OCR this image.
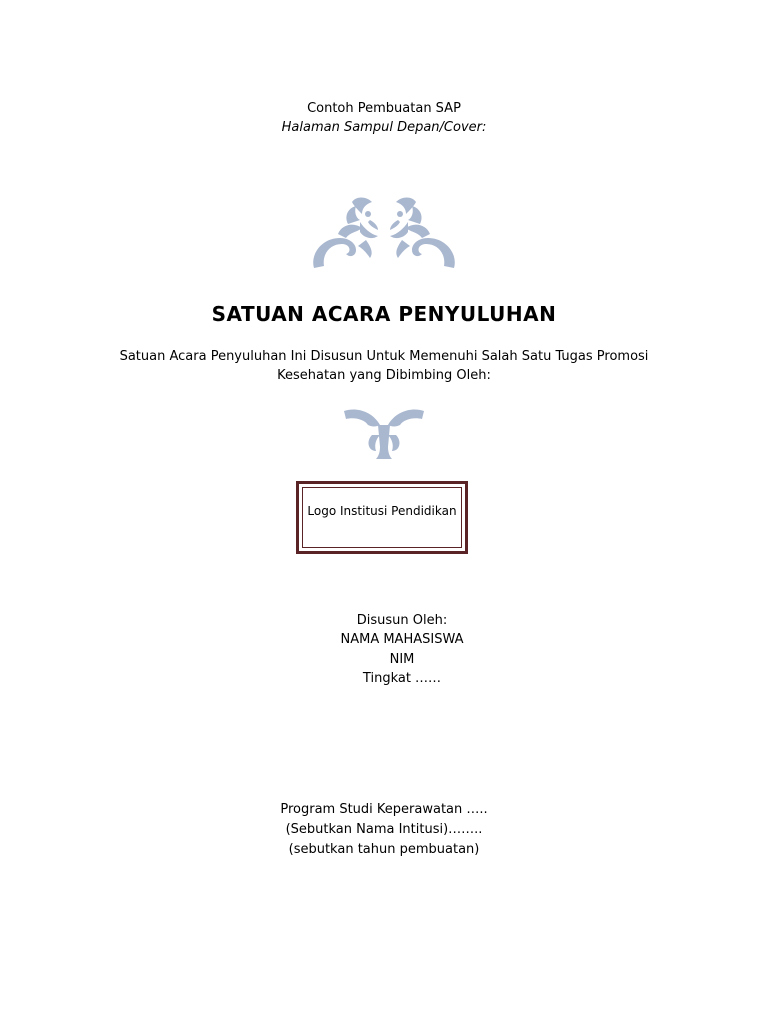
Contoh Pembuatan SAP
Halaman Sampul Depan/Cover:
SATUAN ACARA PENYULUHAN
Satuan Acara Penyuluhan Ini Disusun Untuk Memenuhi Salah Satu Tugas Promosi
Kesehatan yang Dibimbing Oleh:
Logo Institusi Pendidikan
Disusun Oleh:
NAMA MAHASISWA
NIM
Tingkat ……
Program Studi Keperawatan …..
(Sebutkan Nama Intitusi)……..
(sebutkan tahun pembuatan)
